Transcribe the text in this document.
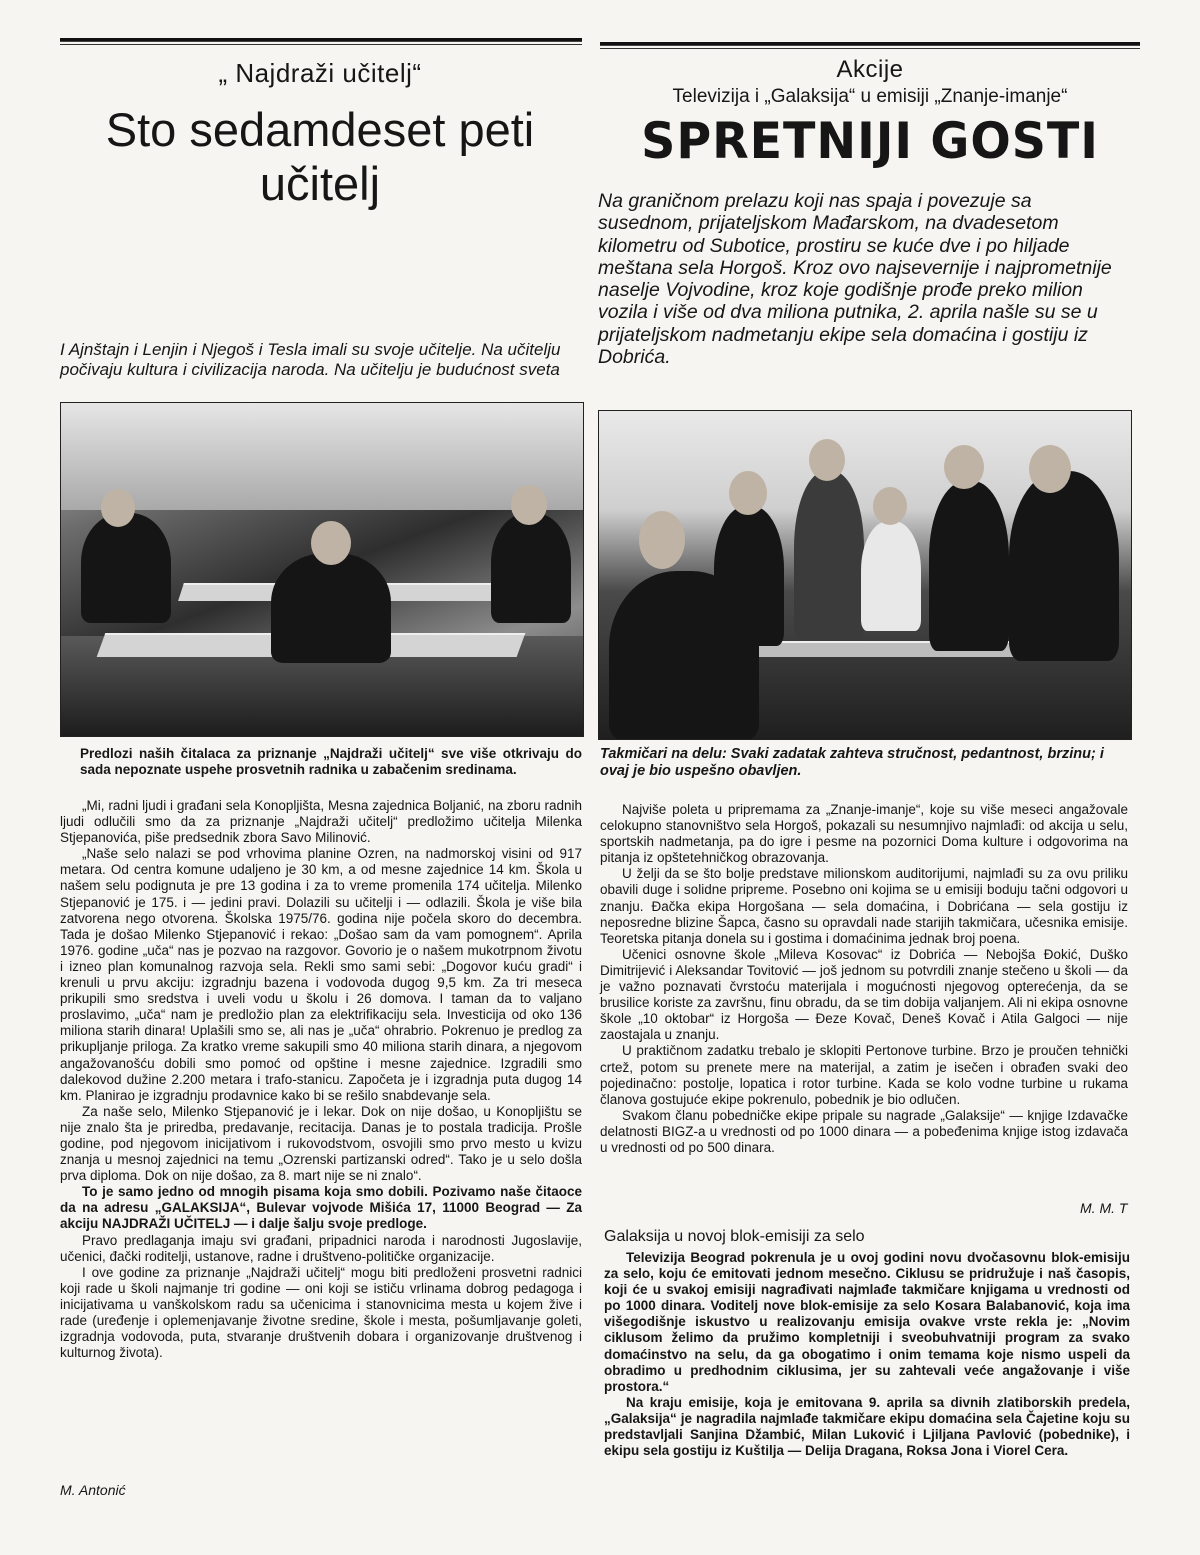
„ Najdraži učitelj“
Sto sedamdeset peti
učitelj
I Ajnštajn i Lenjin i Njegoš i Tesla imali su svoje učitelje. Na učitelju počivaju kultura i civilizacija naroda. Na učitelju je budućnost sveta
Predlozi naših čitalaca za priznanje „Najdraži učitelj“ sve više otkrivaju do sada nepoznate uspehe prosvetnih radnika u zabačenim sredinama.

„Mi, radni ljudi i građani sela Konopljišta, Mesna zajednica Boljanić, na zboru radnih ljudi odlučili smo da za priznanje „Najdraži učitelj“ predložimo učitelja Milenka Stjepanovića, piše predsednik zbora Savo Milinović.

„Naše selo nalazi se pod vrhovima planine Ozren, na nadmorskoj visini od 917 metara. Od centra komune udaljeno je 30 km, a od mesne zajednice 14 km. Škola u našem selu podignuta je pre 13 godina i za to vreme promenila 174 učitelja. Milenko Stjepanović je 175. i — jedini pravi. Dolazili su učitelji i — odlazili. Škola je više bila zatvorena nego otvorena. Školska 1975/76. godina nije počela skoro do decembra. Tada je došao Milenko Stjepanović i rekao: „Došao sam da vam pomognem“. Aprila 1976. godine „uča“ nas je pozvao na razgovor. Govorio je o našem mukotrpnom životu i izneo plan komunalnog razvoja sela. Rekli smo sami sebi: „Dogovor kuću gradi“ i krenuli u prvu akciju: izgradnju bazena i vodovoda dugog 9,5 km. Za tri meseca prikupili smo sredstva i uveli vodu u školu i 26 domova. I taman da to valjano proslavimo, „uča“ nam je predložio plan za elektrifikaciju sela. Investicija od oko 136 miliona starih dinara! Uplašili smo se, ali nas je „uča“ ohrabrio. Pokrenuo je predlog za prikupljanje priloga. Za kratko vreme sakupili smo 40 miliona starih dinara, a njegovom angažovanošću dobili smo pomoć od opštine i mesne zajednice. Izgradili smo dalekovod dužine 2.200 metara i trafo-stanicu. Započeta je i izgradnja puta dugog 14 km. Planirao je izgradnju prodavnice kako bi se rešilo snabdevanje sela.

Za naše selo, Milenko Stjepanović je i lekar. Dok on nije došao, u Konopljištu se nije znalo šta je priredba, predavanje, recitacija. Danas je to postala tradicija. Prošle godine, pod njegovom inicijativom i rukovodstvom, osvojili smo prvo mesto u kvizu znanja u mesnoj zajednici na temu „Ozrenski partizanski odred“. Tako je u selo došla prva diploma. Dok on nije došao, za 8. mart nije se ni znalo“.

To je samo jedno od mnogih pisama koja smo dobili. Pozivamo naše čitaoce da na adresu „GALAKSIJA“, Bulevar vojvode Mišića 17, 11000 Beograd — Za akciju NAJDRAŽI UČITELJ — i dalje šalju svoje predloge.

Pravo predlaganja imaju svi građani, pripadnici naroda i narodnosti Jugoslavije, učenici, đački roditelji, ustanove, radne i društveno-političke organizacije.

I ove godine za priznanje „Najdraži učitelj“ mogu biti predloženi prosvetni radnici koji rade u školi najmanje tri godine — oni koji se ističu vrlinama dobrog pedagoga i inicijativama u vanškolskom radu sa učenicima i stanovnicima mesta u kojem žive i rade (uređenje i oplemenjavanje životne sredine, škole i mesta, pošumljavanje goleti, izgradnja vodovoda, puta, stvaranje društvenih dobara i organizovanje društvenog i kulturnog života).

M. Antonić
Akcije
Televizija i „Galaksija“ u emisiji „Znanje-imanje“
SPRETNIJI GOSTI
Na graničnom prelazu koji nas spaja i povezuje sa susednom, prijateljskom Mađarskom, na dvadesetom kilometru od Subotice, prostiru se kuće dve i po hiljade meštana sela Horgoš. Kroz ovo najsevernije i najprometnije naselje Vojvodine, kroz koje godišnje prođe preko milion vozila i više od dva miliona putnika, 2. aprila našle su se u prijateljskom nadmetanju ekipe sela domaćina i gostiju iz Dobrića.
Takmičari na delu: Svaki zadatak zahteva stručnost, pedantnost, brzinu; i ovaj je bio uspešno obavljen.

Najviše poleta u pripremama za „Znanje-imanje“, koje su više meseci angažovale celokupno stanovništvo sela Horgoš, pokazali su nesumnjivo najmlađi: od akcija u selu, sportskih nadmetanja, pa do igre i pesme na pozornici Doma kulture i odgovorima na pitanja iz opštetehničkog obrazovanja.

U želji da se što bolje predstave milionskom auditorijumi, najmlađi su za ovu priliku obavili duge i solidne pripreme. Posebno oni kojima se u emisiji boduju tačni odgovori u znanju. Đačka ekipa Horgošana — sela domaćina, i Dobrićana — sela gostiju iz neposredne blizine Šapca, časno su opravdali nade starijih takmičara, učesnika emisije. Teoretska pitanja donela su i gostima i domaćinima jednak broj poena.

Učenici osnovne škole „Mileva Kosovac“ iz Dobrića — Nebojša Đokić, Duško Dimitrijević i Aleksandar Tovitović — još jednom su potvrdili znanje stečeno u školi — da je važno poznavati čvrstoću materijala i mogućnosti njegovog opterećenja, da se brusilice koriste za završnu, finu obradu, da se tim dobija valjanjem. Ali ni ekipa osnovne škole „10 oktobar“ iz Horgoša — Đeze Kovač, Deneš Kovač i Atila Galgoci — nije zaostajala u znanju.

U praktičnom zadatku trebalo je sklopiti Pertonove turbine. Brzo je proučen tehnički crtež, potom su prenete mere na materijal, a zatim je isečen i obrađen svaki deo pojedinačno: postolje, lopatica i rotor turbine. Kada se kolo vodne turbine u rukama članova gostujuće ekipe pokrenulo, pobednik je bio odlučen.

Svakom članu pobedničke ekipe pripale su nagrade „Galaksije“ — knjige Izdavačke delatnosti BIGZ-a u vrednosti od po 1000 dinara — a pobeđenima knjige istog izdavača u vrednosti od po 500 dinara.

M. M. T
Galaksija u novoj blok-emisiji za selo

Televizija Beograd pokrenula je u ovoj godini novu dvočasovnu blok-emisiju za selo, koju će emitovati jednom mesečno. Ciklusu se pridružuje i naš časopis, koji će u svakoj emisiji nagrađivati najmlađe takmičare knjigama u vrednosti od po 1000 dinara. Voditelj nove blok-emisije za selo Kosara Balabanović, koja ima višegodišnje iskustvo u realizovanju emisija ovakve vrste rekla je: „Novim ciklusom želimo da pružimo kompletniji i sveobuhvatniji program za svako domaćinstvo na selu, da ga obogatimo i onim temama koje nismo uspeli da obradimo u predhodnim ciklusima, jer su zahtevali veće angažovanje i više prostora.“

Na kraju emisije, koja je emitovana 9. aprila sa divnih zlatiborskih predela, „Galaksija“ je nagradila najmlađe takmičare ekipu domaćina sela Čajetine koju su predstavljali Sanjina Džambić, Milan Luković i Ljiljana Pavlović (pobednike), i ekipu sela gostiju iz Kuštilja — Delija Dragana, Roksa Jona i Viorel Cera.
